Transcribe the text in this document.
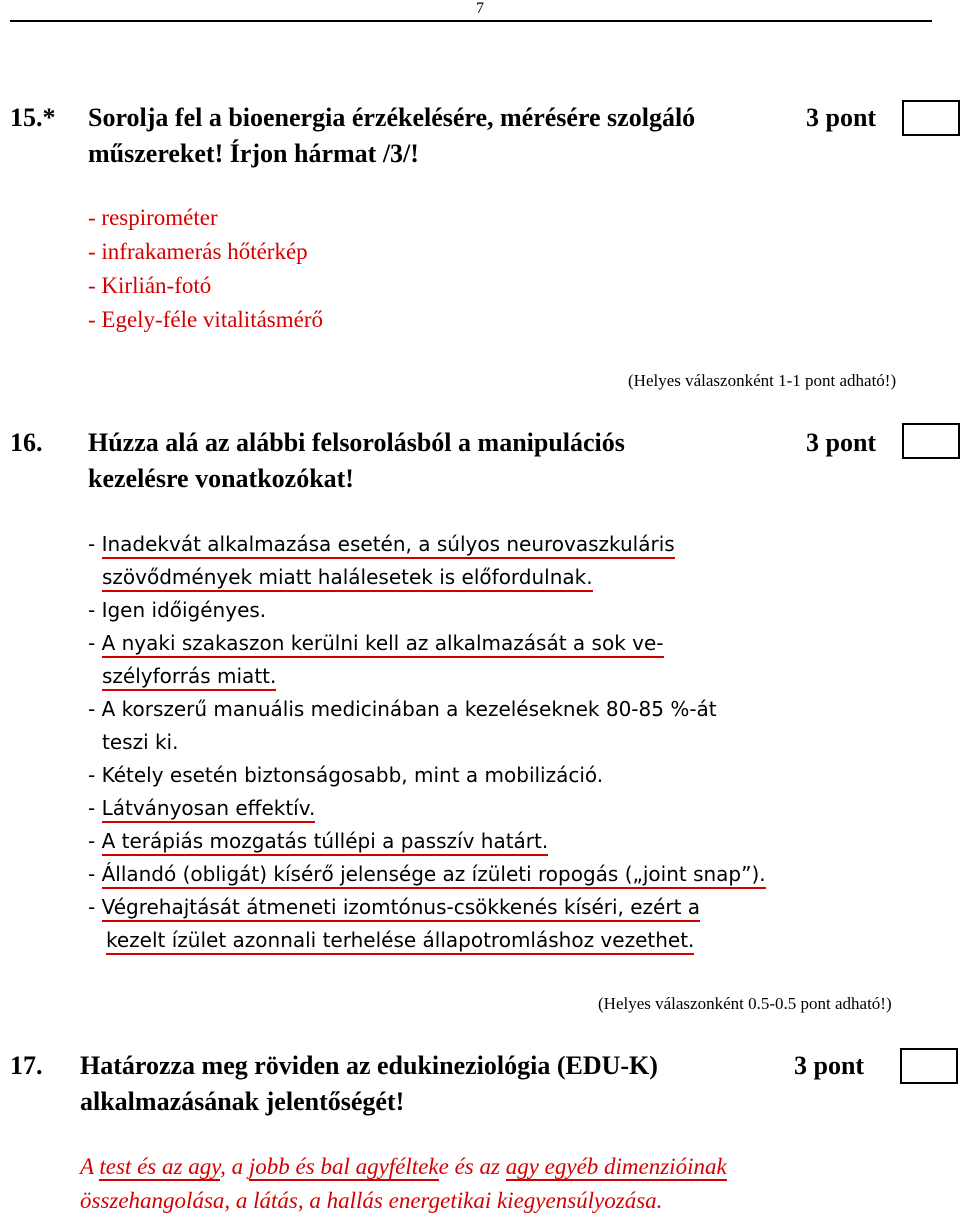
7
15.* Sorolja fel a bioenergia érzékelésére, mérésére szolgáló
műszereket! Írjon hármat /3/!
3 pont
- respirométer
- infrakamerás hőtérkép
- Kirlián-fotó
- Egely-féle vitalitásmérő
(Helyes válaszonként 1-1 pont adható!)
16. Húzza alá az alábbi felsorolásból a manipulációs
kezelésre vonatkozókat!
3 pont
- Inadekvát alkalmazása esetén, a súlyos neurovaszkuláris
szövődmények miatt halálesetek is előfordulnak.
- Igen időigényes.
- A nyaki szakaszon kerülni kell az alkalmazását a sok ve-
szélyforrás miatt.
- A korszerű manuális medicinában a kezeléseknek 80-85 %-át
teszi ki.
- Kétely esetén biztonságosabb, mint a mobilizáció.
- Látványosan effektív.
- A terápiás mozgatás túllépi a passzív határt.
- Állandó (obligát) kísérő jelensége az ízületi ropogás („joint snap”).
- Végrehajtását átmeneti izomtónus-csökkenés kíséri, ezért a
kezelt ízület azonnali terhelése állapotromláshoz vezethet.
(Helyes válaszonként 0.5-0.5 pont adható!)
17. Határozza meg röviden az edukineziológia (EDU-K)
alkalmazásának jelentőségét!
3 pont
A test és az agy, a jobb és bal agyfélteke és az agy egyéb dimenzióinak
összehangolása, a látás, a hallás energetikai kiegyensúlyozása.
